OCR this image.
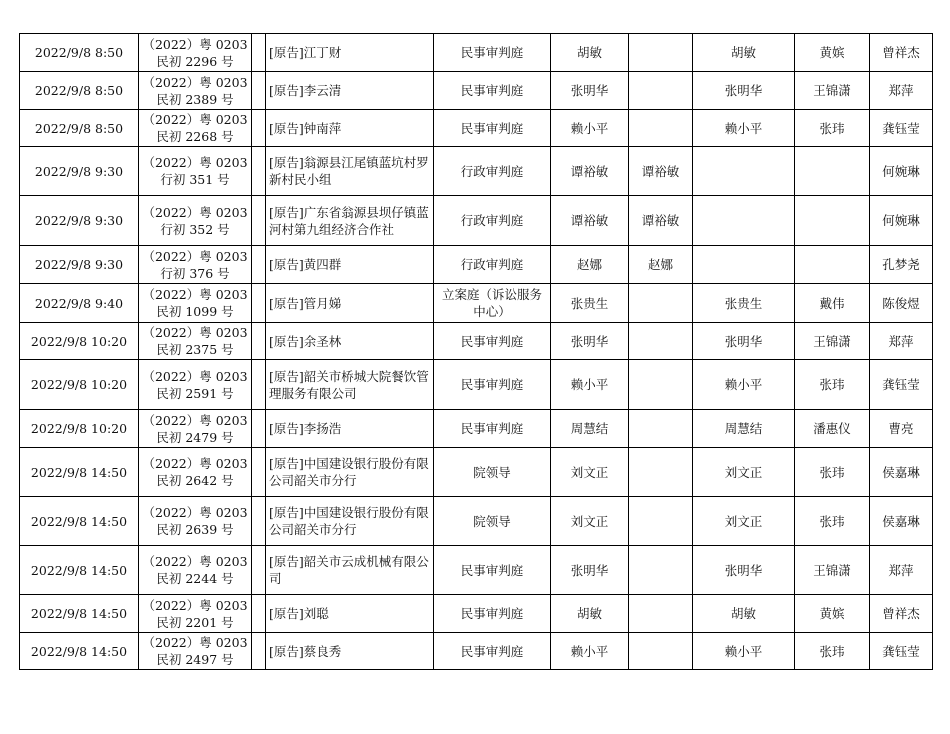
2022/9/8 8:50	（2022）粤 0203
民初 2296 号		[原告]江丁财	民事审判庭	胡敏		胡敏	黄嫔	曾祥杰
2022/9/8 8:50	（2022）粤 0203
民初 2389 号		[原告]李云清	民事审判庭	张明华		张明华	王锦潇	郑萍
2022/9/8 8:50	（2022）粤 0203
民初 2268 号		[原告]钟南萍	民事审判庭	赖小平		赖小平	张玮	龚钰莹
2022/9/8 9:30	（2022）粤 0203
行初 351 号		[原告]翁源县江尾镇蓝坑村罗新村民小组	行政审判庭	谭裕敏	谭裕敏			何婉琳
2022/9/8 9:30	（2022）粤 0203
行初 352 号		[原告]广东省翁源县坝仔镇蓝河村第九组经济合作社	行政审判庭	谭裕敏	谭裕敏			何婉琳
2022/9/8 9:30	（2022）粤 0203
行初 376 号		[原告]黄四群	行政审判庭	赵娜	赵娜			孔梦尧
2022/9/8 9:40	（2022）粤 0203
民初 1099 号		[原告]管月娣	立案庭（诉讼服务中心）	张贵生		张贵生	戴伟	陈俊煜
2022/9/8 10:20	（2022）粤 0203
民初 2375 号		[原告]余圣林	民事审判庭	张明华		张明华	王锦潇	郑萍
2022/9/8 10:20	（2022）粤 0203
民初 2591 号		[原告]韶关市桥城大院餐饮管理服务有限公司	民事审判庭	赖小平		赖小平	张玮	龚钰莹
2022/9/8 10:20	（2022）粤 0203
民初 2479 号		[原告]李扬浩	民事审判庭	周慧结		周慧结	潘惠仪	曹亮
2022/9/8 14:50	（2022）粤 0203
民初 2642 号		[原告]中国建设银行股份有限公司韶关市分行	院领导	刘文正		刘文正	张玮	侯嘉琳
2022/9/8 14:50	（2022）粤 0203
民初 2639 号		[原告]中国建设银行股份有限公司韶关市分行	院领导	刘文正		刘文正	张玮	侯嘉琳
2022/9/8 14:50	（2022）粤 0203
民初 2244 号		[原告]韶关市云成机械有限公司	民事审判庭	张明华		张明华	王锦潇	郑萍
2022/9/8 14:50	（2022）粤 0203
民初 2201 号		[原告]刘聪	民事审判庭	胡敏		胡敏	黄嫔	曾祥杰
2022/9/8 14:50	（2022）粤 0203
民初 2497 号		[原告]蔡良秀	民事审判庭	赖小平		赖小平	张玮	龚钰莹
